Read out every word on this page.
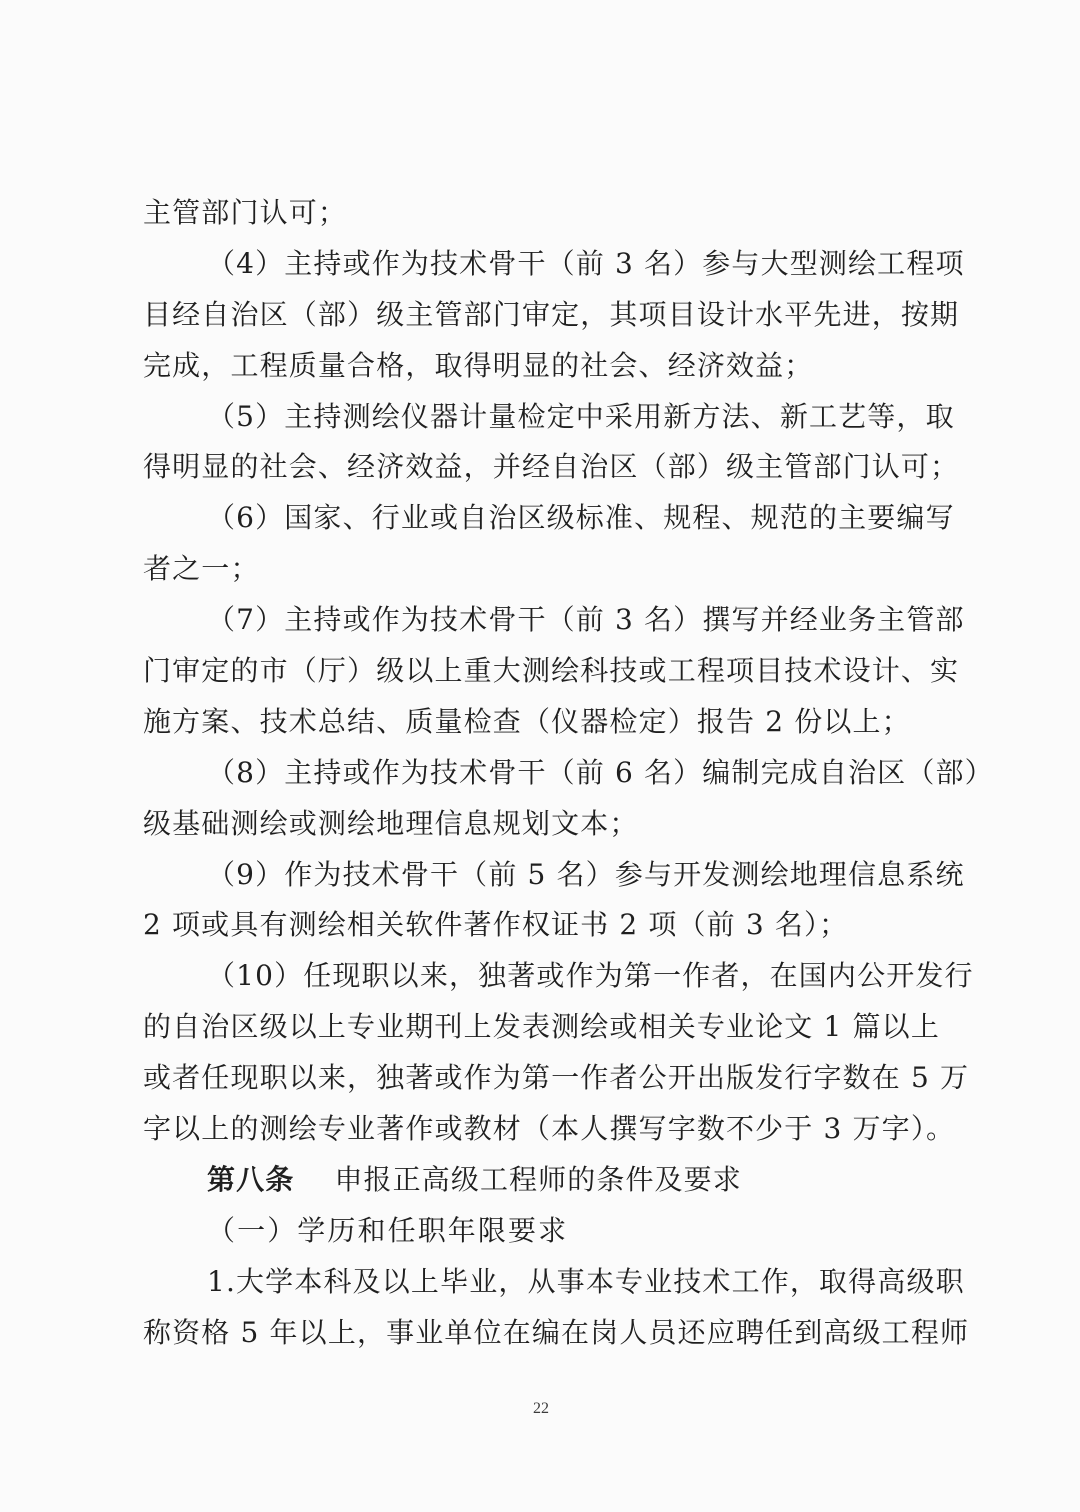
主管部门认可；
（4）主持或作为技术骨干（前 3 名）参与大型测绘工程项
目经自治区（部）级主管部门审定，其项目设计水平先进，按期
完成，工程质量合格，取得明显的社会、经济效益；
（5）主持测绘仪器计量检定中采用新方法、新工艺等，取
得明显的社会、经济效益，并经自治区（部）级主管部门认可；
（6）国家、行业或自治区级标准、规程、规范的主要编写
者之一；
（7）主持或作为技术骨干（前 3 名）撰写并经业务主管部
门审定的市（厅）级以上重大测绘科技或工程项目技术设计、实
施方案、技术总结、质量检查（仪器检定）报告 2 份以上；
（8）主持或作为技术骨干（前 6 名）编制完成自治区（部）
级基础测绘或测绘地理信息规划文本；
（9）作为技术骨干（前 5 名）参与开发测绘地理信息系统
2 项或具有测绘相关软件著作权证书 2 项（前 3 名）；
（10）任现职以来，独著或作为第一作者，在国内公开发行
的自治区级以上专业期刊上发表测绘或相关专业论文 1 篇以上
或者任现职以来，独著或作为第一作者公开出版发行字数在 5 万
字以上的测绘专业著作或教材（本人撰写字数不少于 3 万字）。
第八条 申报正高级工程师的条件及要求
（一）学历和任职年限要求
1.大学本科及以上毕业，从事本专业技术工作，取得高级职
称资格 5 年以上，事业单位在编在岗人员还应聘任到高级工程师
22
